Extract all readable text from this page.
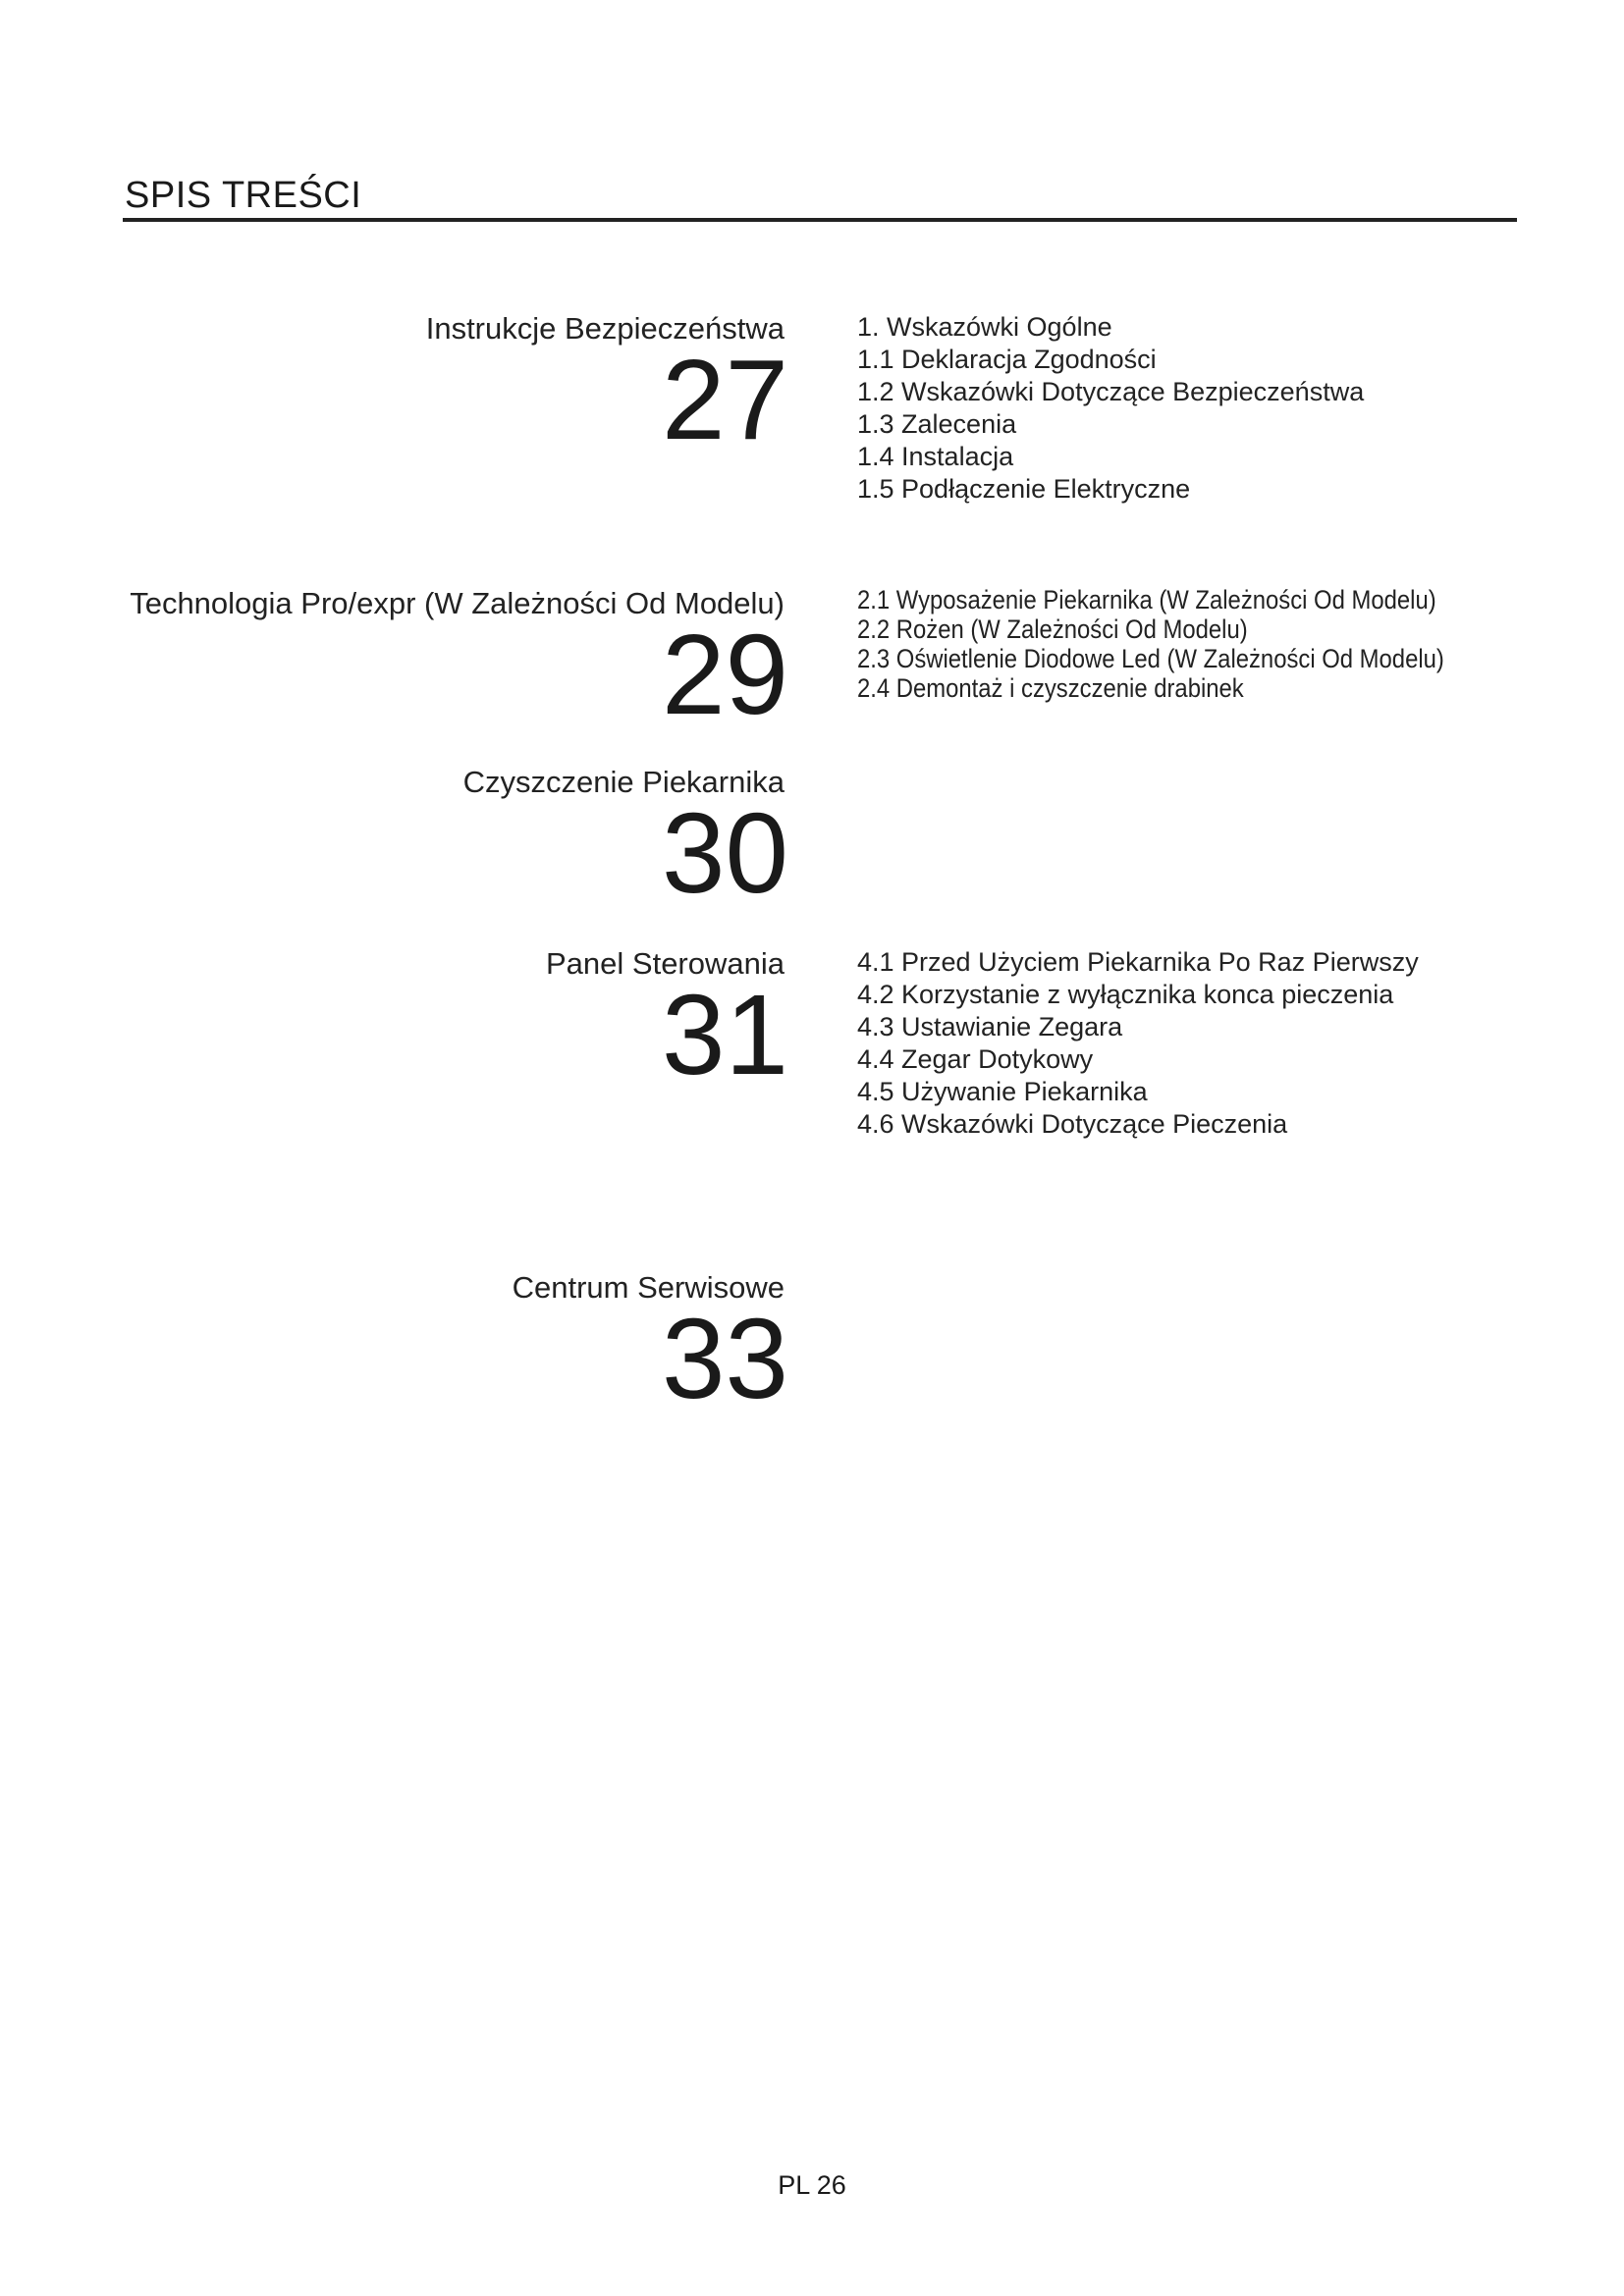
SPIS TREŚCI
Instrukcje Bezpieczeństwa
27
1. Wskazówki Ogólne
1.1 Deklaracja Zgodności
1.2 Wskazówki Dotyczące Bezpieczeństwa
1.3 Zalecenia
1.4 Instalacja
1.5 Podłączenie Elektryczne
Technologia Pro/expr (W Zależności Od Modelu)
29
2.1 Wyposażenie Piekarnika (W Zależności Od Modelu)
2.2 Rożen (W Zależności Od Modelu)
2.3 Oświetlenie Diodowe Led (W Zależności Od Modelu)
2.4 Demontaż i czyszczenie drabinek
Czyszczenie Piekarnika
30
Panel Sterowania
31
4.1 Przed Użyciem Piekarnika Po Raz Pierwszy
4.2 Korzystanie z wyłącznika konca pieczenia
4.3 Ustawianie Zegara
4.4 Zegar Dotykowy
4.5 Używanie Piekarnika
4.6 Wskazówki Dotyczące Pieczenia
Centrum Serwisowe
33
PL 26
